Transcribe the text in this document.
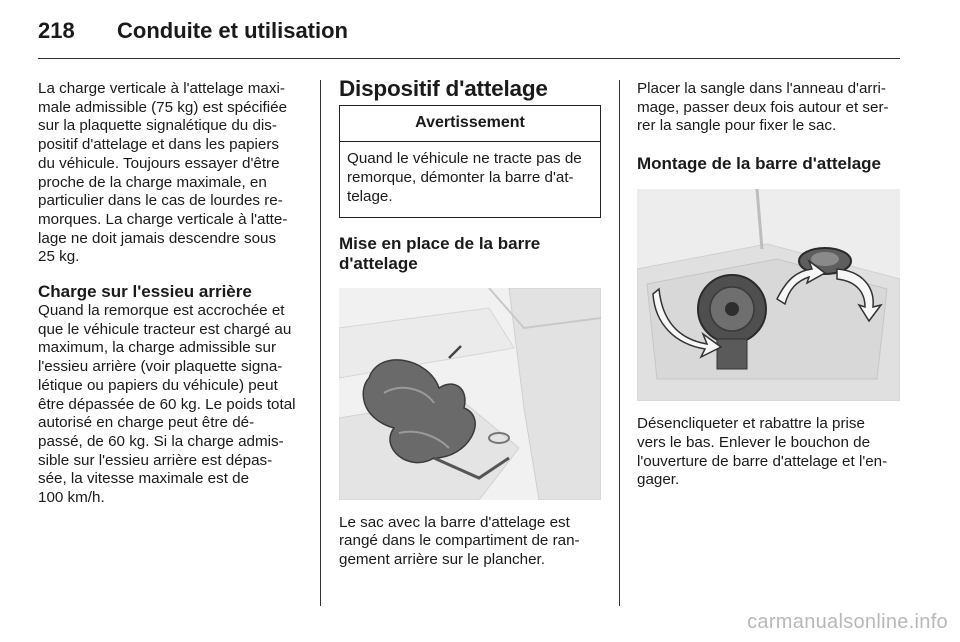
218 Conduite et utilisation

La charge verticale à l'attelage maxi-

male admissible (75 kg) est spécifiée

sur la plaquette signalétique du dis-

positif d'attelage et dans les papiers

du véhicule. Toujours essayer d'être

proche de la charge maximale, en

particulier dans le cas de lourdes re-

morques. La charge verticale à l'atte-

lage ne doit jamais descendre sous

25 kg.

Charge sur l'essieu arrière

Quand la remorque est accrochée et

que le véhicule tracteur est chargé au

maximum, la charge admissible sur

l'essieu arrière (voir plaquette signa-

létique ou papiers du véhicule) peut

être dépassée de 60 kg. Le poids total

autorisé en charge peut être dé-

passé, de 60 kg. Si la charge admis-

sible sur l'essieu arrière est dépas-

sée, la vitesse maximale est de

100 km/h.

Dispositif d'attelage
Avertissement

Quand le véhicule ne tracte pas de

remorque, démonter la barre d'at-

telage.

Mise en place de la barre
d'attelage

Le sac avec la barre d'attelage est

rangé dans le compartiment de ran-

gement arrière sur le plancher.

Placer la sangle dans l'anneau d'arri-

mage, passer deux fois autour et ser-

rer la sangle pour fixer le sac.

Montage de la barre d'attelage

Désencliqueter et rabattre la prise

vers le bas. Enlever le bouchon de

l'ouverture de barre d'attelage et l'en-

gager.

carmanualsonline.info
